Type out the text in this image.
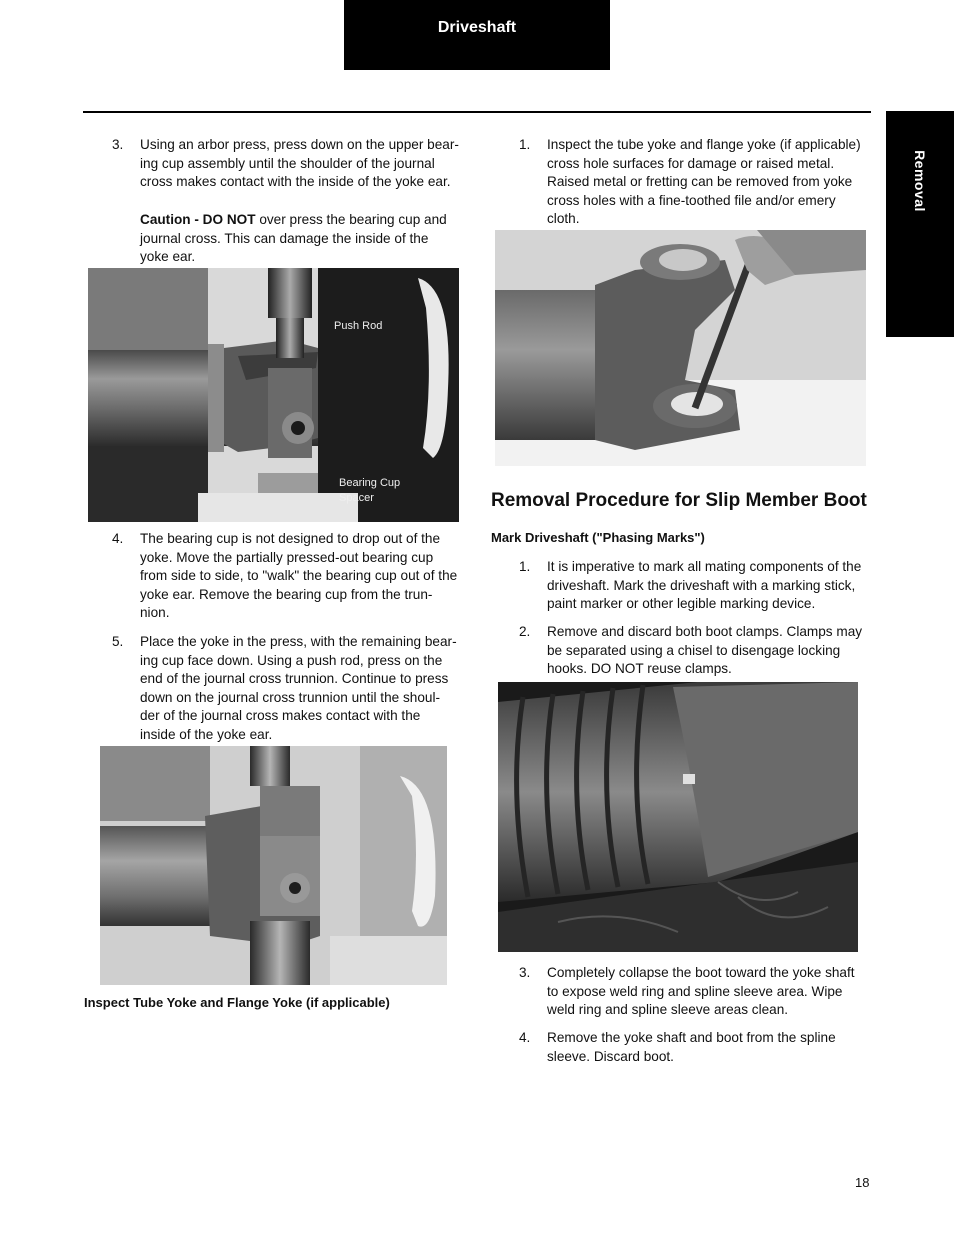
Driveshaft
Removal
3. Using an arbor press, press down on the upper bear-
ing cup assembly until the shoulder of the journal
cross makes contact with the inside of the yoke ear.
Caution - DO NOT over press the bearing cup and
journal cross. This can damage the inside of the
yoke ear.
Push Rod
Bearing Cup
Spacer
4. The bearing cup is not designed to drop out of the
yoke. Move the partially pressed-out bearing cup
from side to side, to "walk" the bearing cup out of the
yoke ear. Remove the bearing cup from the trun-
nion.
5. Place the yoke in the press, with the remaining bear-
ing cup face down. Using a push rod, press on the
end of the journal cross trunnion. Continue to press
down on the journal cross trunnion until the shoul-
der of the journal cross makes contact with the
inside of the yoke ear.
Inspect Tube Yoke and Flange Yoke (if applicable)
1. Inspect the tube yoke and flange yoke (if applicable)
cross hole surfaces for damage or raised metal.
Raised metal or fretting can be removed from yoke
cross holes with a fine-toothed file and/or emery
cloth.
Removal Procedure for Slip Member Boot
Mark Driveshaft ("Phasing Marks")
1. It is imperative to mark all mating components of the
driveshaft. Mark the driveshaft with a marking stick,
paint marker or other legible marking device.
2. Remove and discard both boot clamps. Clamps may
be separated using a chisel to disengage locking
hooks. DO NOT reuse clamps.
3. Completely collapse the boot toward the yoke shaft
to expose weld ring and spline sleeve area. Wipe
weld ring and spline sleeve areas clean.
4. Remove the yoke shaft and boot from the spline
sleeve. Discard boot.
18
